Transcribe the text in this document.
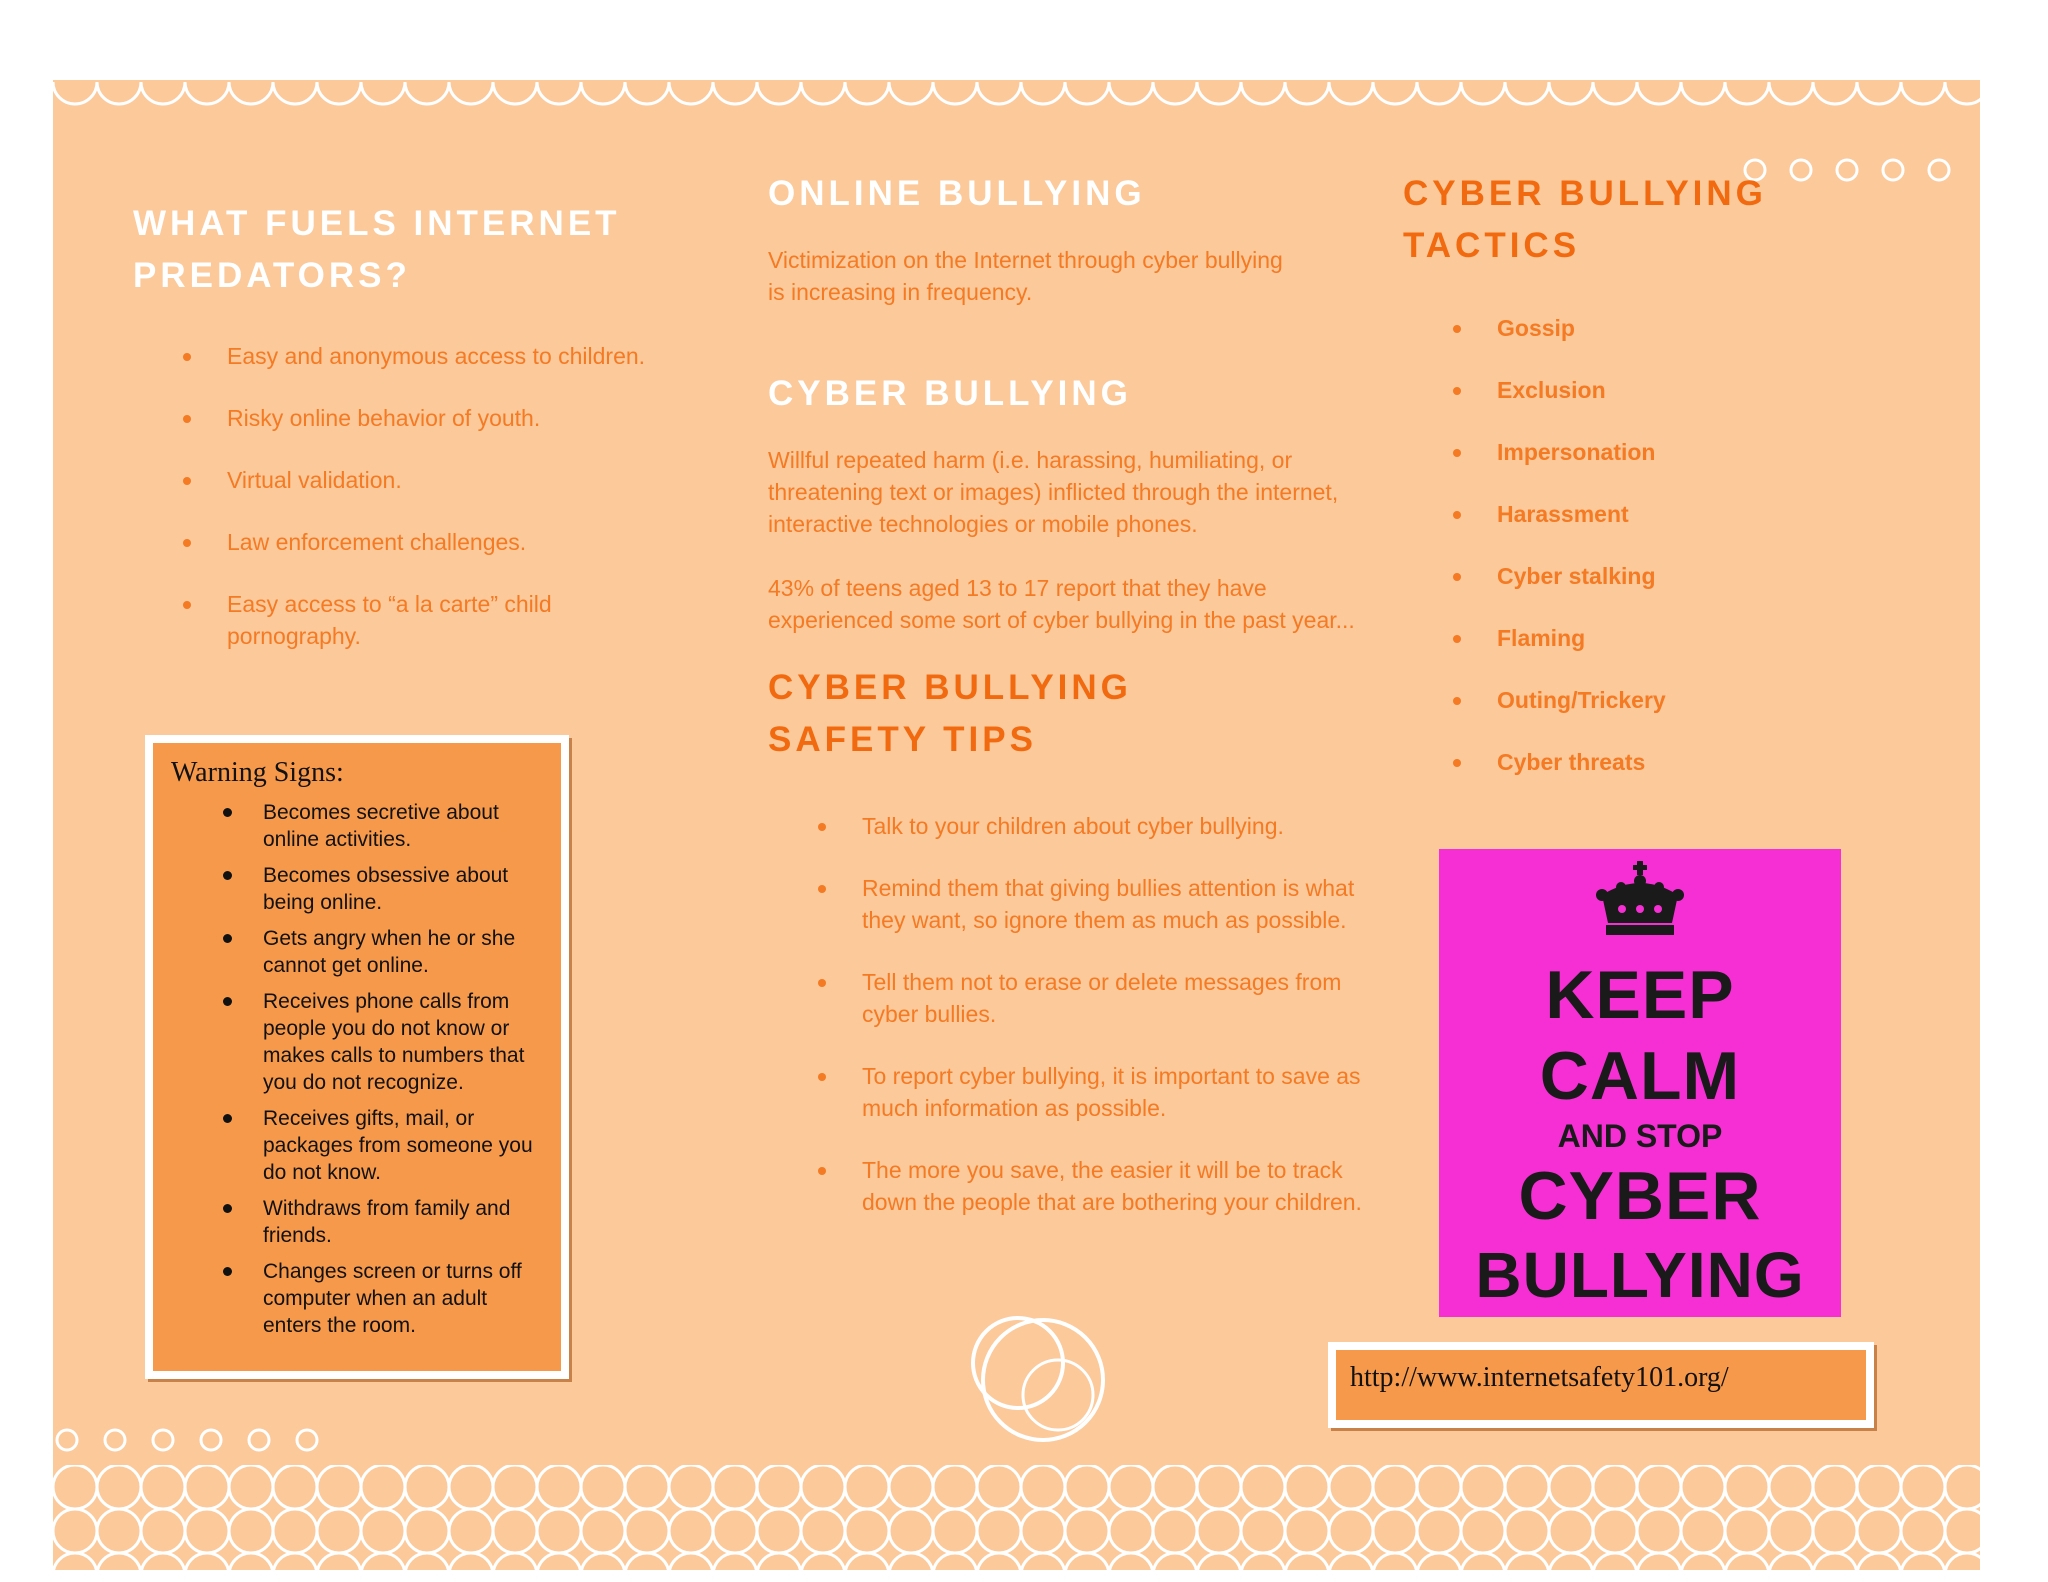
WHAT FUELS INTERNET
PREDATORS?
Easy and anonymous access to children.
Risky online behavior of youth.
Virtual validation.
Law enforcement challenges.
Easy access to “a la carte” child pornography.
Warning Signs:
Becomes secretive about online activities.
Becomes obsessive about being online.
Gets angry when he or she cannot get online.
Receives phone calls from people you do not know or makes calls to numbers that you do not recognize.
Receives gifts, mail, or packages from someone you do not know.
Withdraws from family and friends.
Changes screen or turns off computer when an adult enters the room.
ONLINE BULLYING

Victimization on the Internet through cyber bullying is increasing in frequency.

CYBER BULLYING

Willful repeated harm (i.e. harassing, humiliating, or threatening text or images) inflicted through the internet, interactive technologies or mobile phones.

43% of teens aged 13 to 17 report that they have experienced some sort of cyber bullying in the past year...

CYBER BULLYING
SAFETY TIPS
Talk to your children about cyber bullying.
Remind them that giving bullies attention is what they want, so ignore them as much as possible.
Tell them not to erase or delete messages from cyber bullies.
To report cyber bullying, it is important to save as much information as possible.
The more you save, the easier it will be to track down the people that are bothering your children.
CYBER BULLYING
TACTICS
Gossip
Exclusion
Impersonation
Harassment
Cyber stalking
Flaming
Outing/Trickery
Cyber threats
KEEP
CALM
AND STOP
CYBER
BULLYING
http://www.internetsafety101.org/
